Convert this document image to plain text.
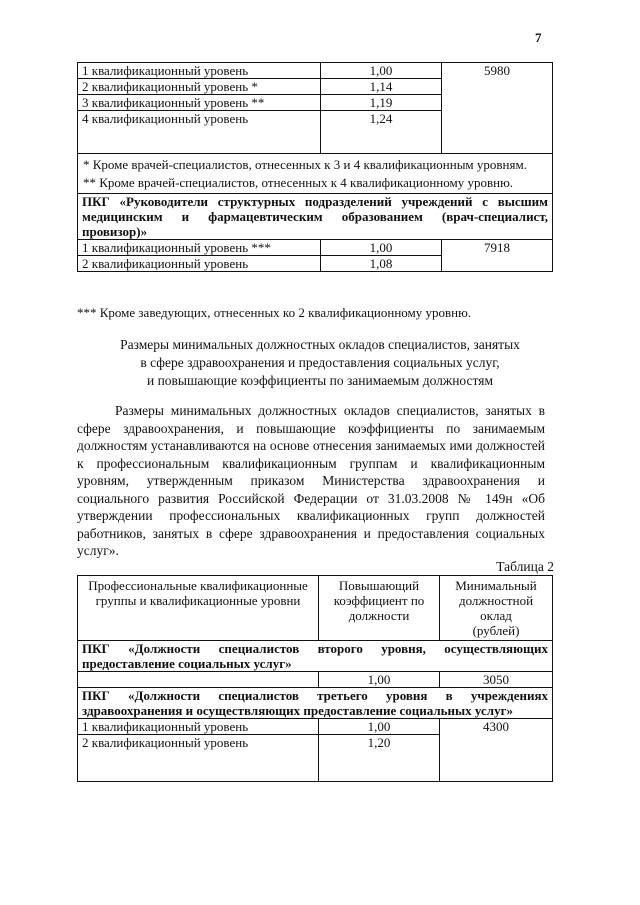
7
1 квалификационный уровень	1,00	5980
2 квалификационный уровень *	1,14	
3 квалификационный уровень **	1,19	
4 квалификационный уровень	1,24	

* Кроме врачей-специалистов, отнесенных к 3 и 4 квалификационным уровням.

** Кроме врачей-специалистов, отнесенных к 4 квалификационному уровню.		

ПКГ «Руководители структурных подразделений учреждений с высшим медицинским и фармацевтическим образованием (врач-специалист, провизор)»		
1 квалификационный уровень ***	1,00	7918
2 квалификационный уровень	1,08	
*** Кроме заведующих, отнесенных ко 2 квалификационному уровню.
Размеры минимальных должностных окладов специалистов, занятых
в сфере здравоохранения и предоставления социальных услуг,
и повышающие коэффициенты по занимаемым должностям

Размеры минимальных должностных окладов специалистов, занятых в сфере здравоохранения, и повышающие коэффициенты по занимаемым должностям устанавливаются на основе отнесения занимаемых ими должностей к профессиональным квалификационным группам и квалификационным уровням, утвержденным приказом Министерства здравоохранения и социального развития Российской Федерации от 31.03.2008 № 149н «Об утверждении профессиональных квалификационных групп должностей работников, занятых в сфере здравоохранения и предоставления социальных услуг».

Таблица 2
Профессиональные квалификационные группы и квалификационные уровни	Повышающий коэффициент по должности	Минимальный должностной оклад
(рублей)

ПКГ «Должности специалистов второго уровня, осуществляющих предоставление социальных услуг»		
	1,00	3050
ПКГ «Должности специалистов третьего уровня в учреждениях здравоохранения и осуществляющих предоставление социальных услуг»		
1 квалификационный уровень	1,00	4300
2 квалификационный уровень	1,20	
